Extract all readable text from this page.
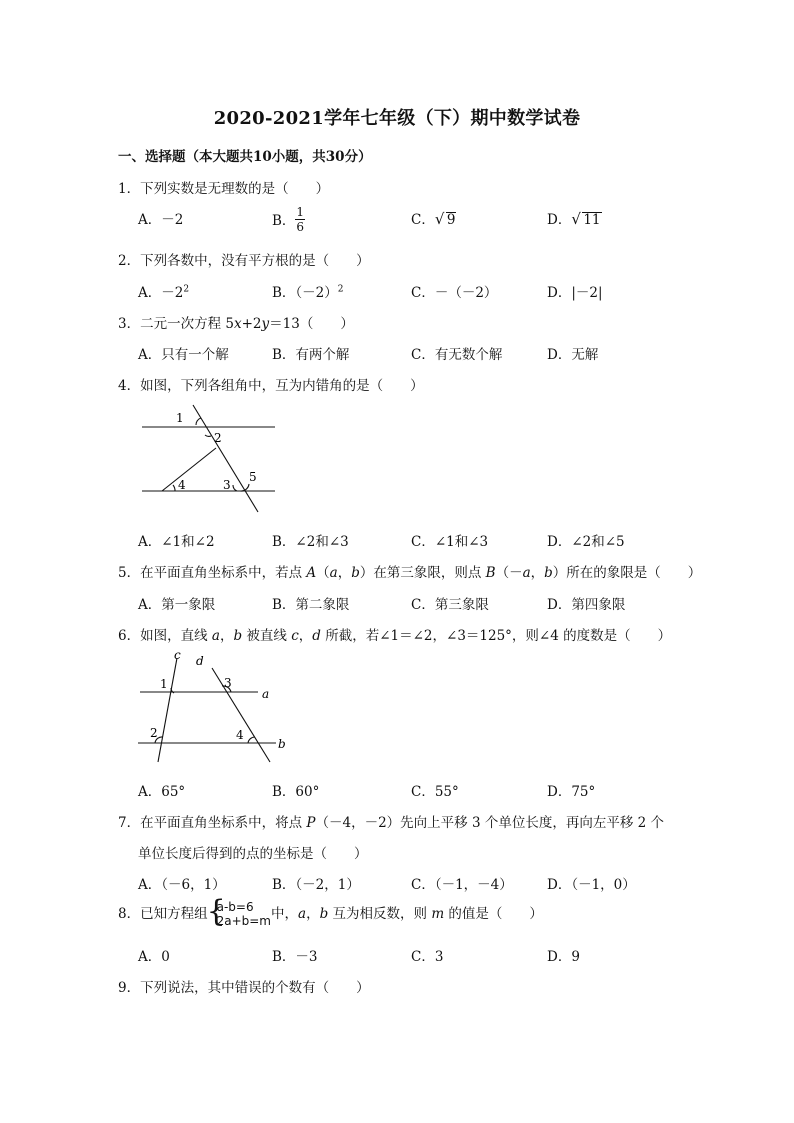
2020-2021学年七年级（下）期中数学试卷
一、选择题（本大题共10小题，共30分）
1．下列实数是无理数的是（　　）
A．－2	B． $\frac{1}{6}$	C． √ 9	D． √ 11
2．下列各数中，没有平方根的是（　　）
A．$-2^2$	B．$(-2)^2$	C．－（－2）	D．|－2|
3．二元一次方程 5x+2y＝13（　　）
A．只有一个解	B．有两个解	C．有无数个解	D．无解
4．如图，下列各组角中，互为内错角的是（　　）
1
2
3
4
5
A．∠1和∠2	B．∠2和∠3	C．∠1和∠3	D．∠2和∠5
5．在平面直角坐标系中，若点 A（a，b）在第三象限，则点 B（－a，b）所在的象限是（　　）
A．第一象限	B．第二象限	C．第三象限	D．第四象限
6．如图，直线 a，b 被直线 c，d 所截，若∠1＝∠2，∠3＝125°，则∠4 的度数是（　　）
c d
1	3
a
2	4
b
A．65°	B．60°	C．55°	D．75°
7．在平面直角坐标系中，将点 P（－4，－2）先向上平移 3 个单位长度，再向左平移 2 个
单位长度后得到的点的坐标是（　　）
A．（－6，1）	B．（－2，1）	C．（－1，－4）	D．（－1，0）
8．已知方程组 {
a-b=6
2a+b=m 中，a，b 互为相反数，则 m 的值是（　　）
A．0	B．－3	C．3	D．9
9．下列说法，其中错误的个数有（　　）
